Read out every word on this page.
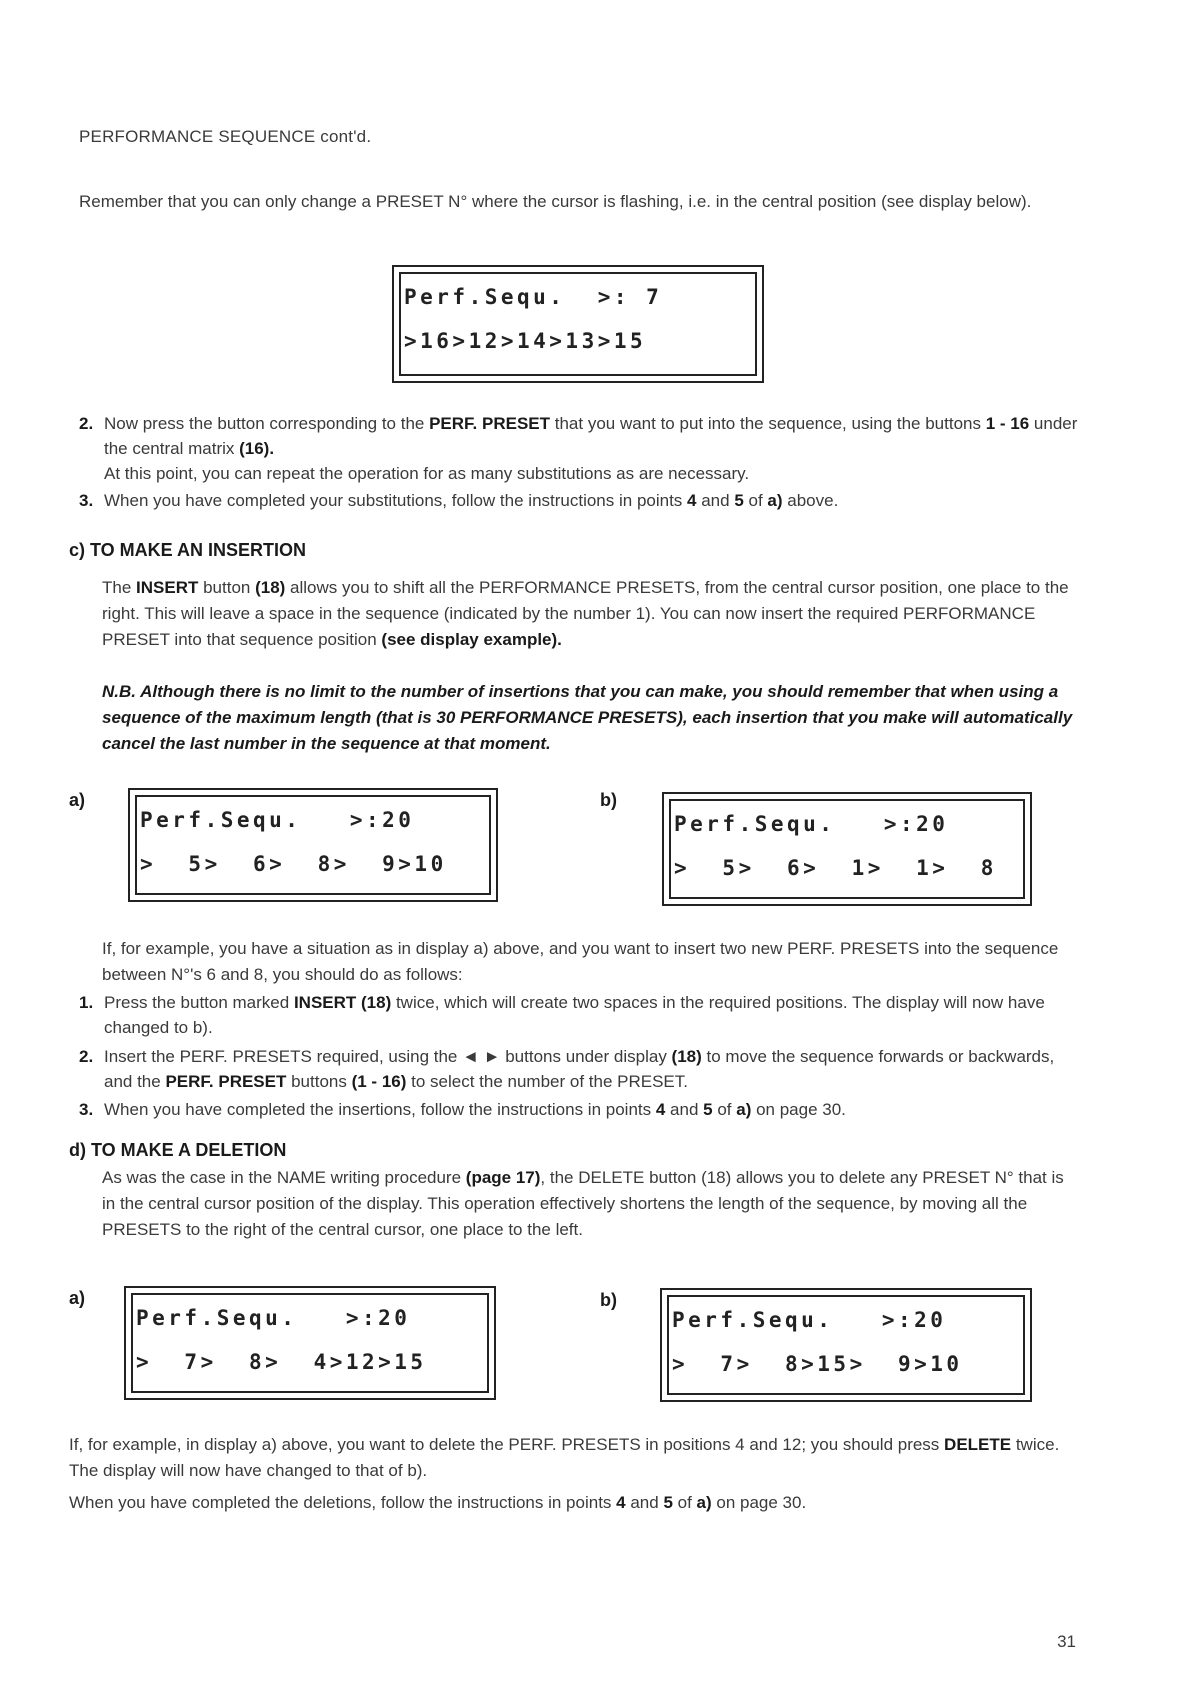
PERFORMANCE SEQUENCE cont'd.

Remember that you can only change a PRESET N° where the cursor is flashing, i.e. in the central position (see display below).

Perf.Sequ.  >: 7
>16>12>14>13>15
2. Now press the button corresponding to the PERF. PRESET that you want to put into the sequence, using the buttons 1 - 16 under the central matrix (16).
At this point, you can repeat the operation for as many substitutions as are necessary.
3. When you have completed your substitutions, follow the instructions in points 4 and 5 of a) above.
c) TO MAKE AN INSERTION

The INSERT button (18) allows you to shift all the PERFORMANCE PRESETS, from the central cursor position, one place to the right. This will leave a space in the sequence (indicated by the number 1). You can now insert the required PERFORMANCE PRESET into that sequence position (see display example).

N.B. Although there is no limit to the number of insertions that you can make, you should remember that when using a sequence of the maximum length (that is 30 PERFORMANCE PRESETS), each insertion that you make will automatically cancel the last number in the sequence at that moment.

a)	b)
Perf.Sequ.   >:20
>  5>  6>  8>  9>10
Perf.Sequ.   >:20
>  5>  6>  1>  1>  8

If, for example, you have a situation as in display a) above, and you want to insert two new PERF. PRESETS into the sequence between N°'s 6 and 8, you should do as follows:

1. Press the button marked INSERT (18) twice, which will create two spaces in the required positions. The display will now have changed to b).
2. Insert the PERF. PRESETS required, using the ◄ ► buttons under display (18) to move the sequence forwards or backwards, and the PERF. PRESET buttons (1 - 16) to select the number of the PRESET.
3. When you have completed the insertions, follow the instructions in points 4 and 5 of a) on page 30.
d) TO MAKE A DELETION

As was the case in the NAME writing procedure (page 17), the DELETE button (18) allows you to delete any PRESET N° that is in the central cursor position of the display. This operation effectively shortens the length of the sequence, by moving all the PRESETS to the right of the central cursor, one place to the left.

a)	b)
Perf.Sequ.   >:20
>  7>  8>  4>12>15
Perf.Sequ.   >:20
>  7>  8>15>  9>10

If, for example, in display a) above, you want to delete the PERF. PRESETS in positions 4 and 12; you should press DELETE twice. The display will now have changed to that of b).

When you have completed the deletions, follow the instructions in points 4 and 5 of a) on page 30.

31
